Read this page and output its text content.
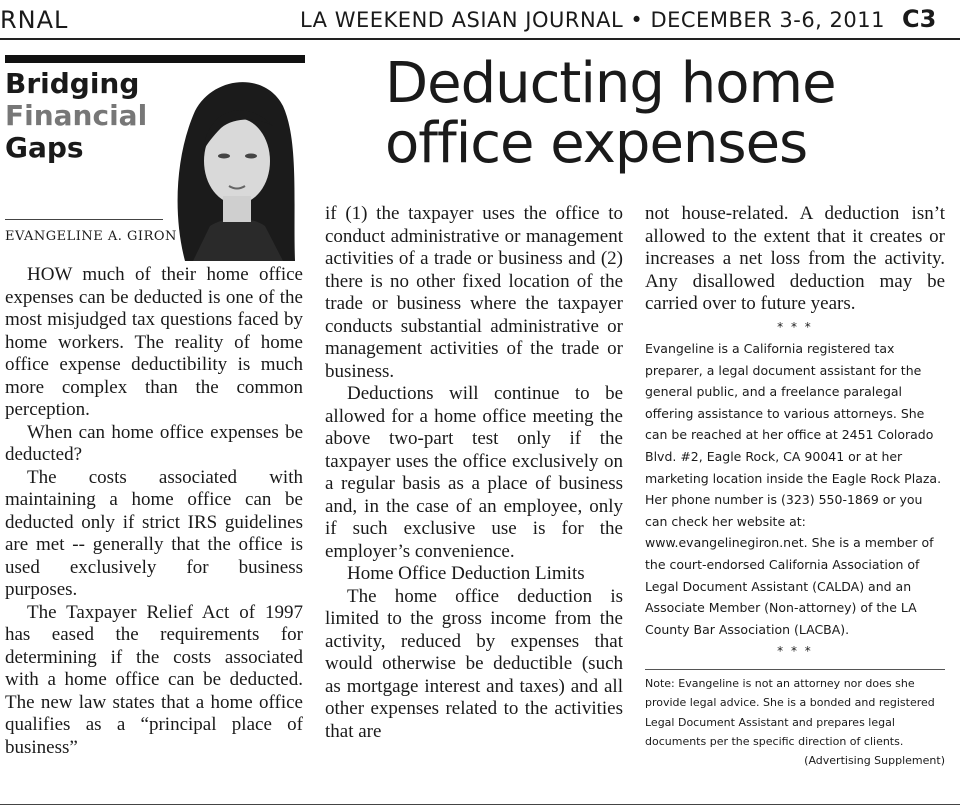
RNAL	LA WEEKEND ASIAN JOURNAL • DECEMBER 3-6, 2011 C3
Bridging
Financial
Gaps
EVANGELINE A. GIRON
Deducting home
office expenses

HOW much of their home office expenses can be deducted is one of the most misjudged tax questions faced by home workers. The reality of home office expense deductibility is much more complex than the common perception.

When can home office expenses be deducted?

The costs associated with maintaining a home office can be deducted only if strict IRS guidelines are met -- generally that the office is used exclusively for business purposes.

The Taxpayer Relief Act of 1997 has eased the requirements for determining if the costs associated with a home office can be deducted. The new law states that a home office qualifies as a “principal place of business”

if (1) the taxpayer uses the office to conduct administrative or management activities of a trade or business and (2) there is no other fixed location of the trade or business where the taxpayer conducts substantial administrative or management activities of the trade or business.

Deductions will continue to be allowed for a home office meeting the above two-part test only if the taxpayer uses the office exclusively on a regular basis as a place of business and, in the case of an employee, only if such exclusive use is for the employer’s convenience.

Home Office Deduction Limits

The home office deduction is limited to the gross income from the activity, reduced by expenses that would otherwise be deductible (such as mortgage interest and taxes) and all other expenses related to the activities that are

not house-related. A deduction isn’t allowed to the extent that it creates or increases a net loss from the activity. Any disallowed deduction may be carried over to future years.

* * *

Evangeline is a California registered tax preparer, a legal document assistant for the general public, and a freelance paralegal offering assistance to various attorneys. She can be reached at her office at 2451 Colorado Blvd. #2, Eagle Rock, CA 90041 or at her marketing location inside the Eagle Rock Plaza. Her phone number is (323) 550-1869 or you can check her website at: www.evangelinegiron.net. She is a member of the court-endorsed California Association of Legal Document Assistant (CALDA) and an Associate Member (Non-attorney) of the LA County Bar Association (LACBA).

* * *

Note: Evangeline is not an attorney nor does she provide legal advice. She is a bonded and registered Legal Document Assistant and prepares legal documents per the specific direction of clients.

(Advertising Supplement)
